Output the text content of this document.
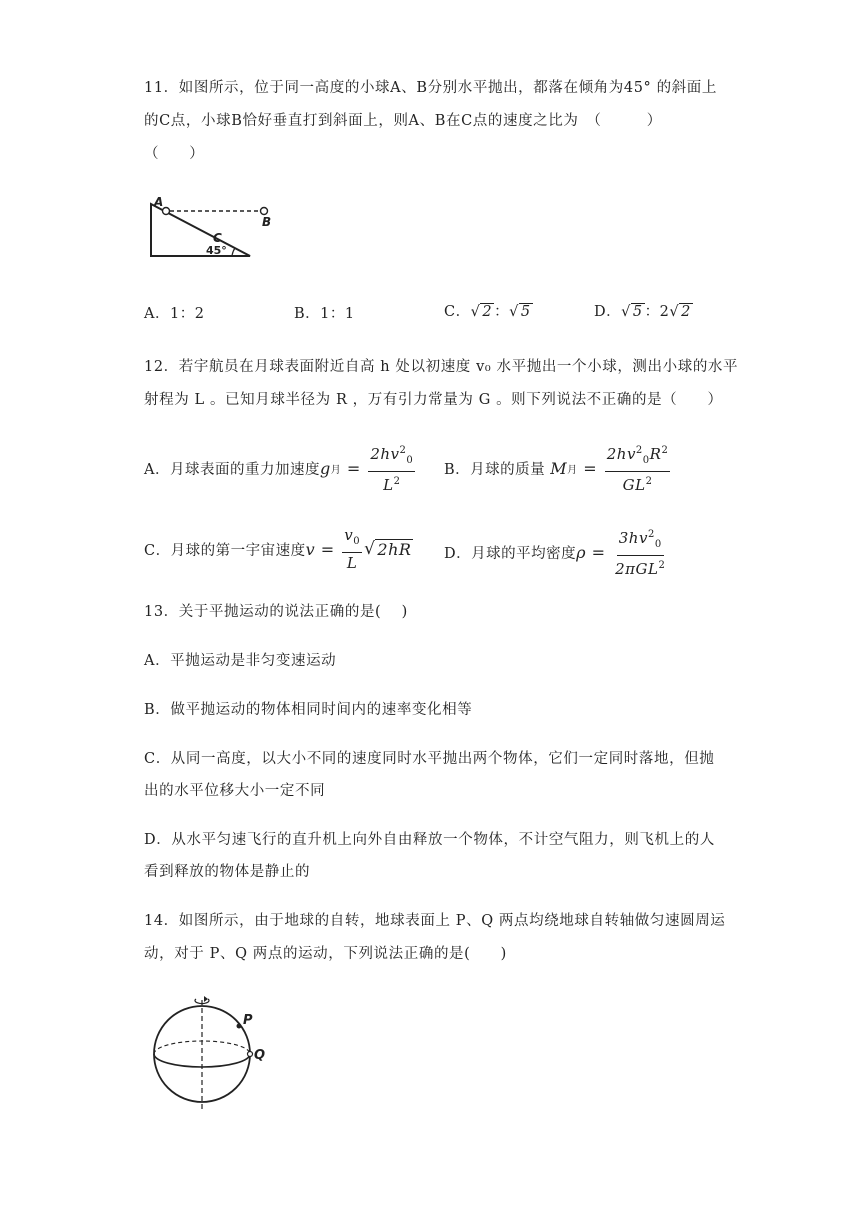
11．如图所示，位于同一高度的小球A、B分别水平抛出，都落在倾角为45° 的斜面上
的C点，小球B恰好垂直打到斜面上，则A、B在C点的速度之比为　（　　　）
（　　）
A
B
C
45°
A．1：2	B．1：1	C．√ 2 ：√ 5	D．√ 5 ：2√ 2
12．若宇航员在月球表面附近自高 h 处以初速度 v₀ 水平抛出一个小球，测出小球的水平
射程为 L 。已知月球半径为 R ，万有引力常量为 G 。则下列说法不正确的是（　　）
A．月球表面的重力加速度 g 月 = $\frac{2hv^2_0}{L^2}$ B．月球的质量
M 月 = $\frac{2hv^2_0R^2}{GL^2}$
C．月球的第一宇宙速度 $v = \frac{v_0}{L}$ √ 2hR D．月球的平均密度 $\rho = \frac{3hv^2_0}{2\pi GL^2}$
13．关于平抛运动的说法正确的是(　 )
A．平抛运动是非匀变速运动
B．做平抛运动的物体相同时间内的速率变化相等
C．从同一高度，以大小不同的速度同时水平抛出两个物体，它们一定同时落地，但抛
出的水平位移大小一定不同
D．从水平匀速飞行的直升机上向外自由释放一个物体，不计空气阻力，则飞机上的人
看到释放的物体是静止的
14．如图所示，由于地球的自转，地球表面上 P、Q 两点均绕地球自转轴做匀速圆周运
动，对于 P、Q 两点的运动，下列说法正确的是(　　)
P
Q
